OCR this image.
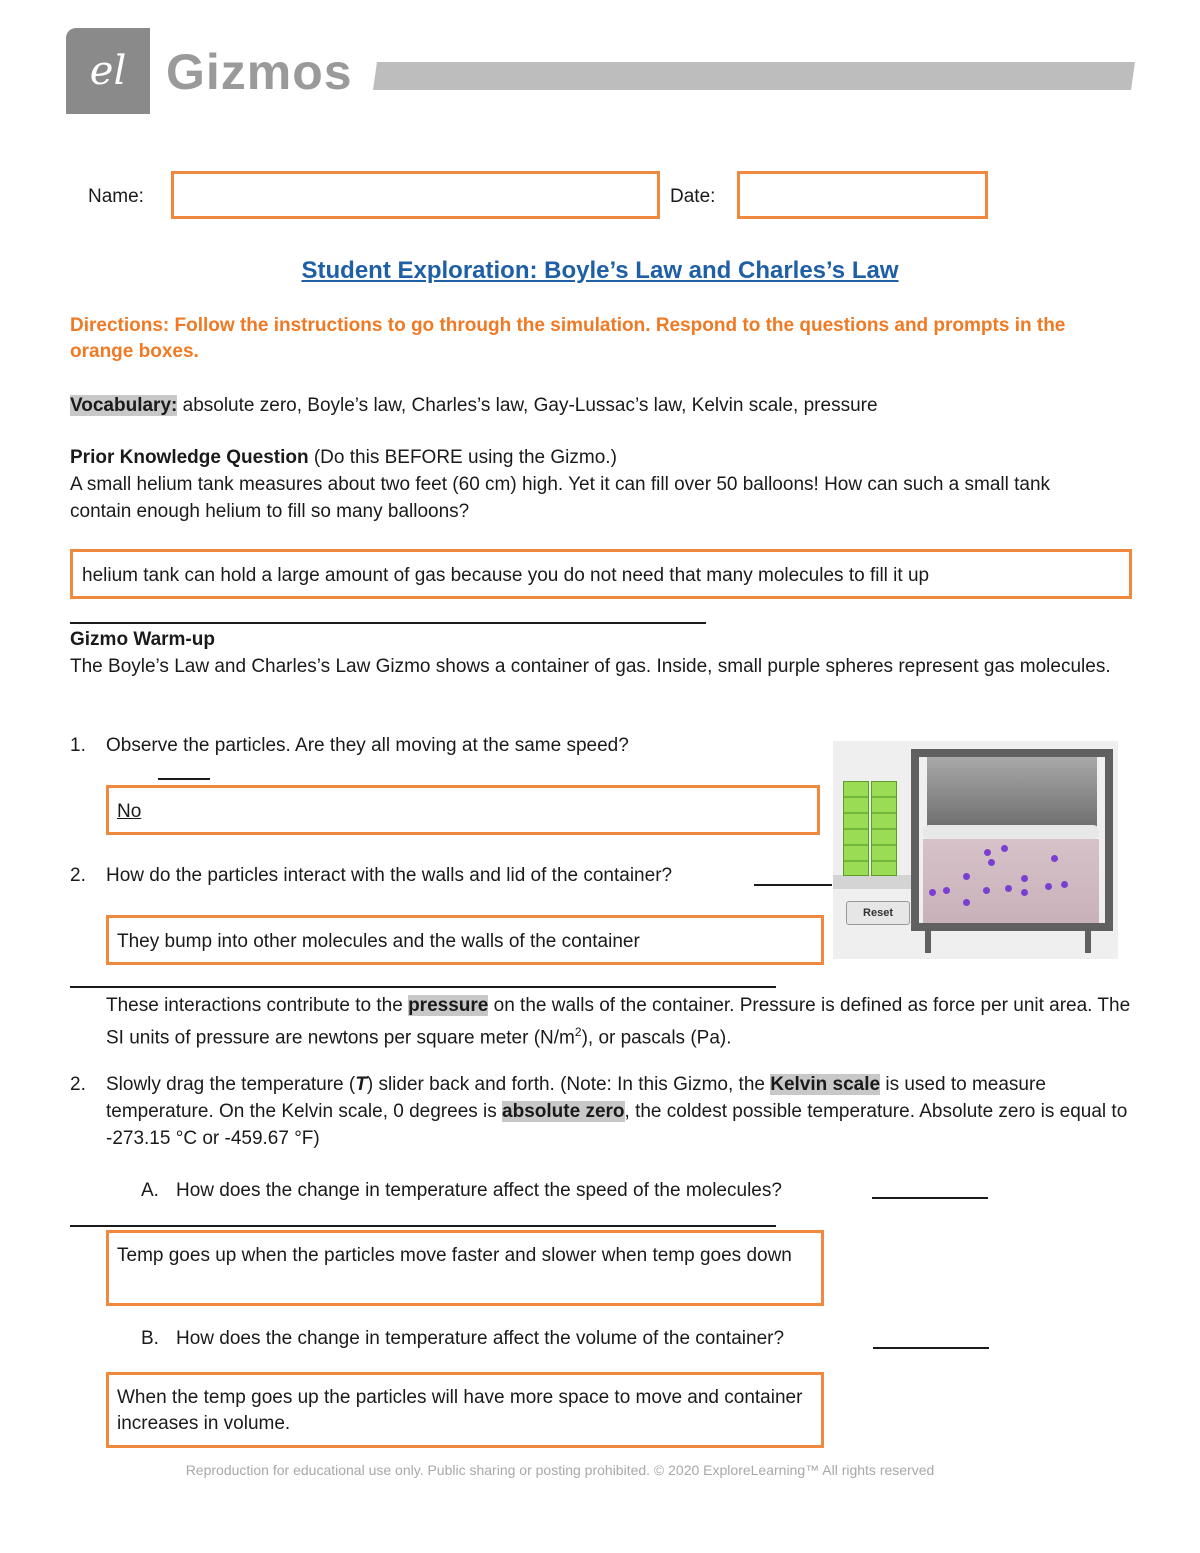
el Gizmos
Name:	Date:
Student Exploration: Boyle’s Law and Charles’s Law
Directions: Follow the instructions to go through the simulation. Respond to the questions and prompts in the orange boxes.
Vocabulary: absolute zero, Boyle’s law, Charles’s law, Gay-Lussac’s law, Kelvin scale, pressure
Prior Knowledge Question (Do this BEFORE using the Gizmo.)
A small helium tank measures about two feet (60 cm) high. Yet it can fill over 50 balloons! How can such a small tank contain enough helium to fill so many balloons?
helium tank can hold a large amount of gas because you do not need that many molecules to fill it up
Gizmo Warm-up
The Boyle’s Law and Charles’s Law Gizmo shows a container of gas. Inside, small purple spheres represent gas molecules.
1. Observe the particles. Are they all moving at the same speed?
No
2. How do the particles interact with the walls and lid of the container?
They bump into other molecules and the walls of the container
Reset
These interactions contribute to the pressure on the walls of the container. Pressure is defined as force per unit area. The SI units of pressure are newtons per square meter $(N/m^2)$, or pascals (Pa).
2. Slowly drag the temperature (T) slider back and forth. (Note: In this Gizmo, the Kelvin scale is used to measure temperature. On the Kelvin scale, 0 degrees is absolute zero, the coldest possible temperature. Absolute zero is equal to -273.15 °C or -459.67 °F)
A. How does the change in temperature affect the speed of the molecules?
Temp goes up when the particles move faster and slower when temp goes down
B. How does the change in temperature affect the volume of the container?
When the temp goes up the particles will have more space to move and container increases in volume.
Reproduction for educational use only. Public sharing or posting prohibited. © 2020 ExploreLearning™ All rights reserved
